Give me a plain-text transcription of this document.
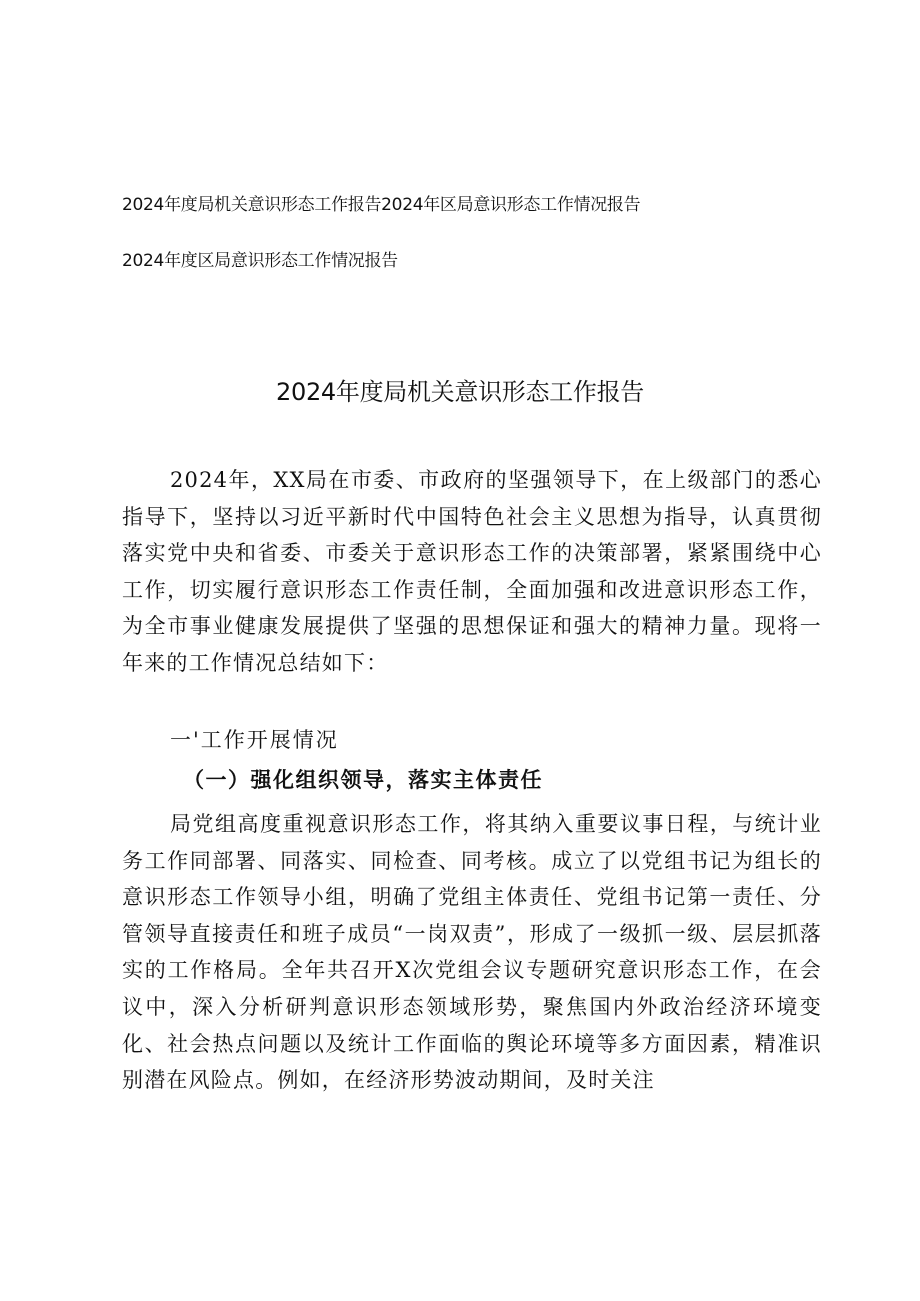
2024年度局机关意识形态工作报告2024年区局意识形态工作情况报告
2024年度区局意识形态工作情况报告
2024年度局机关意识形态工作报告
2024年，XX局在市委、市政府的坚强领导下，在上级部门的悉心指导下，坚持以习近平新时代中国特色社会主义思想为指导，认真贯彻落实党中央和省委、市委关于意识形态工作的决策部署，紧紧围绕中心工作，切实履行意识形态工作责任制，全面加强和改进意识形态工作，为全市事业健康发展提供了坚强的思想保证和强大的精神力量。现将一年来的工作情况总结如下：
一'工作开展情况
（一）强化组织领导，落实主体责任
局党组高度重视意识形态工作，将其纳入重要议事日程，与统计业务工作同部署、同落实、同检查、同考核。成立了以党组书记为组长的意识形态工作领导小组，明确了党组主体责任、党组书记第一责任、分管领导直接责任和班子成员“一岗双责”，形成了一级抓一级、层层抓落实的工作格局。全年共召开X次党组会议专题研究意识形态工作，在会议中，深入分析研判意识形态领域形势，聚焦国内外政治经济环境变化、社会热点问题以及统计工作面临的舆论环境等多方面因素，精准识别潜在风险点。例如，在经济形势波动期间，及时关注
